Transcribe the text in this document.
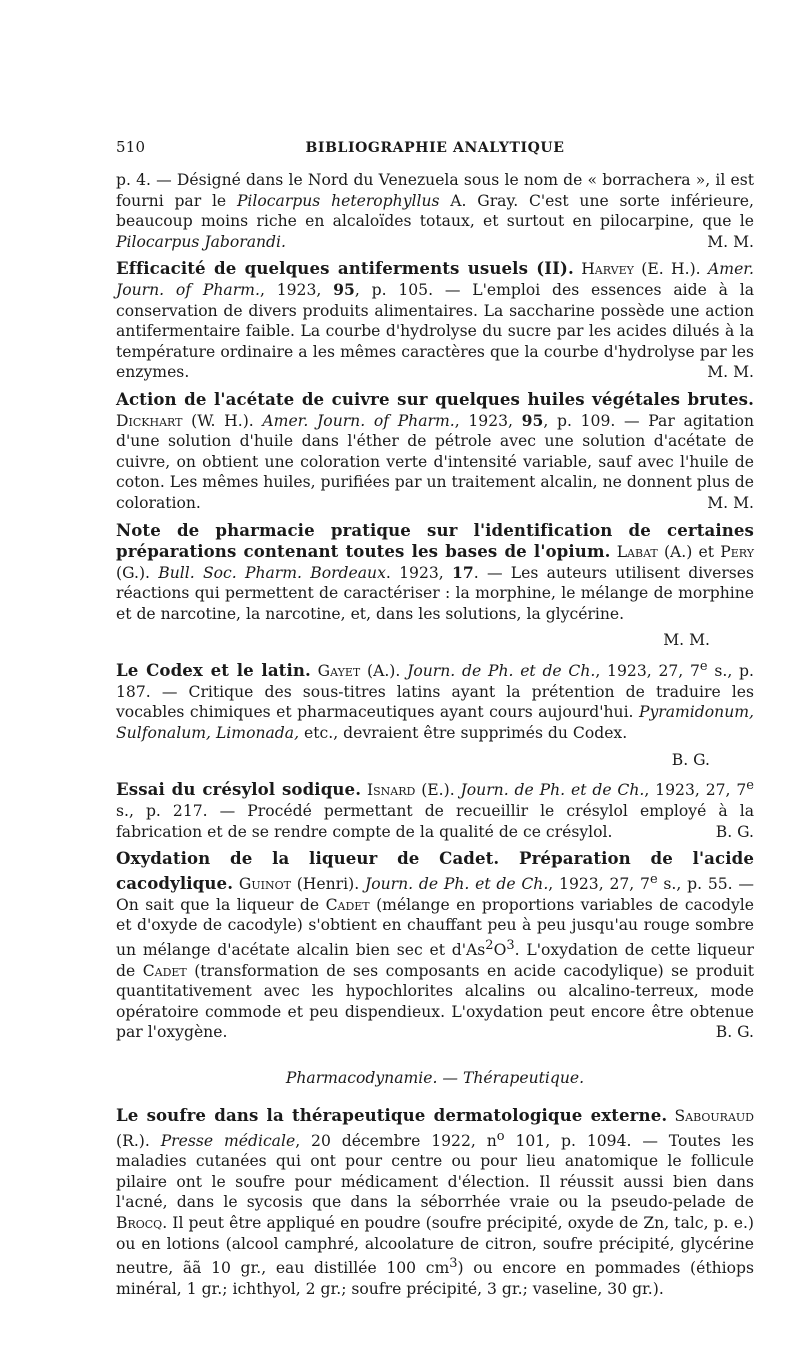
510	BIBLIOGRAPHIE ANALYTIQUE

p. 4. — Désigné dans le Nord du Venezuela sous le nom de « borrachera », il est fourni par le Pilocarpus heterophyllus A. Gray. C'est une sorte inférieure, beaucoup moins riche en alcaloïdes totaux, et surtout en pilocarpine, que le Pilocarpus Jaborandi.	M. M.

Efficacité de quelques antiferments usuels (II). Harvey (E. H.). Amer. Journ. of Pharm., 1923, 95, p. 105. — L'emploi des essences aide à la conservation de divers produits alimentaires. La saccharine possède une action antifermentaire faible. La courbe d'hydrolyse du sucre par les acides dilués à la température ordinaire a les mêmes caractères que la courbe d'hydrolyse par les enzymes.	M. M.

Action de l'acétate de cuivre sur quelques huiles végétales brutes. Dickhart (W. H.). Amer. Journ. of Pharm., 1923, 95, p. 109. — Par agitation d'une solution d'huile dans l'éther de pétrole avec une solution d'acétate de cuivre, on obtient une coloration verte d'intensité variable, sauf avec l'huile de coton. Les mêmes huiles, purifiées par un traitement alcalin, ne donnent plus de coloration.	M. M.

Note de pharmacie pratique sur l'identification de certaines préparations contenant toutes les bases de l'opium. Labat (A.) et Pery (G.). Bull. Soc. Pharm. Bordeaux. 1923, 17. — Les auteurs utilisent diverses réactions qui permettent de caractériser : la morphine, le mélange de morphine et de narcotine, la narcotine, et, dans les solutions, la glycérine.

M. M.

Le Codex et le latin. Gayet (A.). Journ. de Ph. et de Ch., 1923, 27, 7e s., p. 187. — Critique des sous-titres latins ayant la prétention de traduire les vocables chimiques et pharmaceutiques ayant cours aujourd'hui. Pyramidonum, Sulfonalum, Limonada, etc., devraient être supprimés du Codex.

B. G.

Essai du crésylol sodique. Isnard (E.). Journ. de Ph. et de Ch., 1923, 27, 7e s., p. 217. — Procédé permettant de recueillir le crésylol employé à la fabrication et de se rendre compte de la qualité de ce crésylol.	B. G.

Oxydation de la liqueur de Cadet. Préparation de l'acide cacodylique. Guinot (Henri). Journ. de Ph. et de Ch., 1923, 27, 7e s., p. 55. — On sait que la liqueur de Cadet (mélange en proportions variables de cacodyle et d'oxyde de cacodyle) s'obtient en chauffant peu à peu jusqu'au rouge sombre un mélange d'acétate alcalin bien sec et $d'As^2O^3$. L'oxydation de cette liqueur de Cadet (transformation de ses composants en acide cacodylique) se produit quantitativement avec les hypochlorites alcalins ou alcalino-terreux, mode opératoire commode et peu dispendieux. L'oxydation peut encore être obtenue par l'oxygène.	B. G.

Pharmacodynamie. — Thérapeutique.

Le soufre dans la thérapeutique dermatologique externe. Sabouraud (R.). Presse médicale, 20 décembre 1922, $n^o$ 101, p. 1094. — Toutes les maladies cutanées qui ont pour centre ou pour lieu anatomique le follicule pilaire ont le soufre pour médicament d'élection. Il réussit aussi bien dans l'acné, dans le sycosis que dans la séborrhée vraie ou la pseudo-pelade de Brocq. Il peut être appliqué en poudre (soufre précipité, oxyde de Zn, talc, p. e.) ou en lotions (alcool camphré, alcoolature de citron, soufre précipité, glycérine neutre, ãã 10 gr., eau distillée 100 $cm^3$) ou encore en pommades (éthiops minéral, 1 gr.; ichthyol, 2 gr.; soufre précipité, 3 gr.; vaseline, 30 gr.).
